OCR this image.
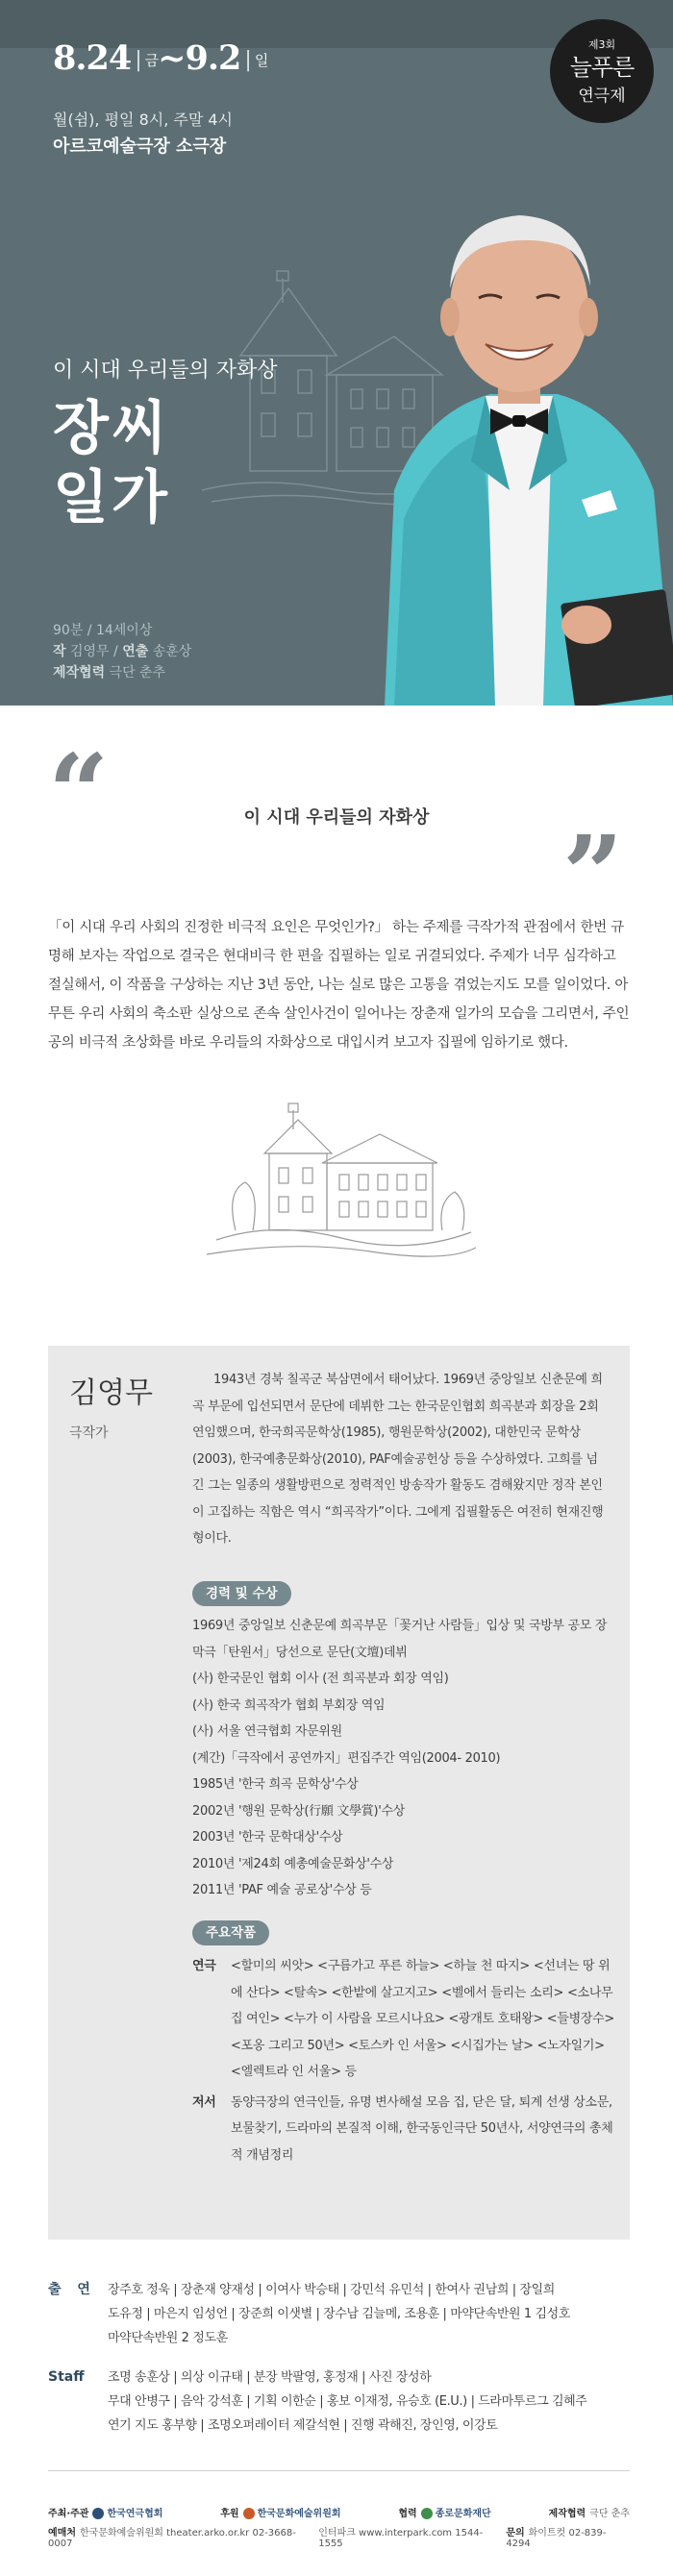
8.24 | 금~9.2 | 일
월(쉼), 평일 8시, 주말 4시
아르코예술극장 소극장
제3회
늘푸른
연극제
이 시대 우리들의 자화상
장씨
일가
90분 / 14세이상
작 김영무 / 연출 송훈상
제작협력 극단 춘추
“	이 시대 우리들의 자화상	”

「이 시대 우리 사회의 진정한 비극적 요인은 무엇인가?」 하는 주제를 극작가적 관점에서 한번 규명해 보자는 작업으로 결국은 현대비극 한 편을 집필하는 일로 귀결되었다. 주제가 너무 심각하고 절실해서, 이 작품을 구상하는 지난 3년 동안, 나는 실로 많은 고통을 겪었는지도 모를 일이었다. 아무튼 우리 사회의 축소판 실상으로 존속 살인사건이 일어나는 장춘재 일가의 모습을 그리면서, 주인공의 비극적 초상화를 바로 우리들의 자화상으로 대입시켜 보고자 집필에 임하기로 했다.

김영무
극작가

1943년 경북 칠곡군 북삼면에서 태어났다. 1969년 중앙일보 신춘문예 희곡 부문에 입선되면서 문단에 데뷔한 그는 한국문인협회 희곡분과 회장을 2회 연임했으며, 한국희곡문학상(1985), 행원문학상(2002), 대한민국 문학상(2003), 한국예총문화상(2010), PAF예술공헌상 등을 수상하였다. 고희를 넘긴 그는 일종의 생활방편으로 정력적인 방송작가 활동도 겸해왔지만 정작 본인이 고집하는 직함은 역시 “희곡작가”이다. 그에게 집필활동은 여전히 현재진행형이다.

경력 및 수상
1969년 중앙일보 신춘문예 희곡부문「꽃거난 사람들」입상 및 국방부 공모 장막극「탄원서」당선으로 문단(文壇)데뷔
(사) 한국문인 협회 이사 (전 희곡분과 회장 역임)
(사) 한국 희곡작가 협회 부회장 역임
(사) 서울 연극협회 자문위원
(계간)「극작에서 공연까지」편집주간 역임(2004- 2010)
1985년 '한국 희곡 문학상'수상
2002년 '행원 문학상(行願 文學賞)'수상
2003년 '한국 문학대상'수상
2010년 '제24회 예총예술문화상'수상
2011년 'PAF 예술 공로상'수상 등
주요작품
연극	<할미의 씨앗> <구름가고 푸른 하늘> <하늘 천 따지> <선녀는 땅 위에 산다> <탈속> <한밭에 살고지고> <벨에서 들리는 소리> <소나무집 여인> <누가 이 사람을 모르시나요> <광개토 호태왕> <들병장수> <포옹 그리고 50년> <토스카 인 서울> <시집가는 날> <노자일기> <엘렉트라 인 서울> 등
저서	동양극장의 연극인들, 유명 변사해설 모음 집, 닫은 달, 퇴계 선생 상소문, 보물찾기, 드라마의 본질적 이해, 한국동인극단 50년사, 서양연극의 총체적 개념정리
출 연 장주호 정욱 | 장춘재 양재성 | 이여사 박승태 | 강민석 유민석 | 한여사 권남희 | 장일희
도유정 | 마은지 임성언 | 장준희 이샛별 | 장수남 김늘메, 조용훈 | 마약단속반원 1 김성호
마약단속반원 2 정도훈
Staff	조명 송훈상 | 의상 이규태 | 분장 박팔영, 홍정재 | 사진 장성하
무대 안병구 | 음악 강석훈 | 기획 이한순 | 홍보 이재정, 유승호 (E.U.) | 드라마투르그 김혜주
연기 지도 홍부향 | 조명오퍼레이터 제갈석현 | 진행 곽해진, 장인영, 이강토
주최·주관 한국연극협회	후원 한국문화예술위원회	협력 종로문화재단	제작협력 극단 춘추
예매처 한국문화예술위원회 theater.arko.or.kr 02-3668-0007
인터파크 www.interpark.com 1544-1555
문의 화이트컷 02-839-4294
